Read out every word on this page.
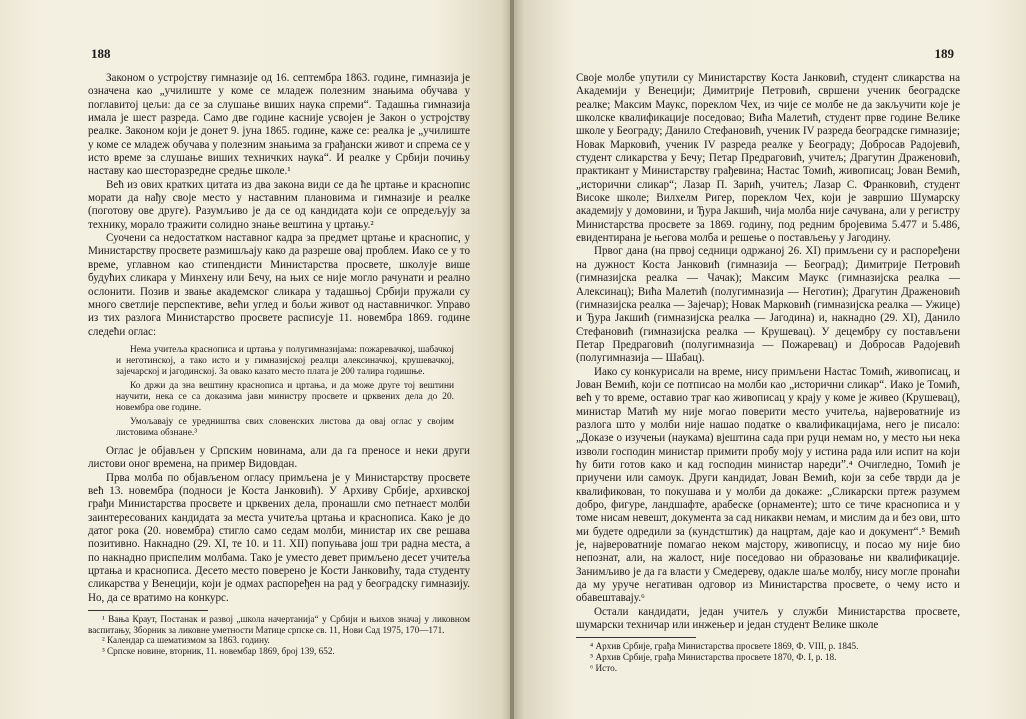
188

Законом о устројству гимназије од 16. септембра 1863. године, гимназија је означена као „училиште у коме се младеж полезним знањима обучава у поглавитој цељи: да се за слушање виших наука спреми“. Тадашња гимназија имала је шест разреда. Само две године касније усвојен је Закон о устројству реалке. Законом који је донет 9. јуна 1865. године, каже се: реалка је „училиште у коме се младеж обучава у полезним знањима за грађански живот и спрема се у исто време за слушање виших техничких наука“. И реалке у Србији почињу наставу као шесторазредне средње школе.¹

Већ из ових кратких цитата из два закона види се да ће цртање и краснопис морати да нађу своје место у наставним плановима и гимназије и реалке (поготову ове друге). Разумљиво је да се од кандидата који се опредељују за технику, морало тражити солидно знање вештина у цртању.²

Суочени са недостатком наставног кадра за предмет цртање и краснопис, у Министарству просвете размишљају како да разреше овај проблем. Иако се у то време, углавном као стипендисти Министарства просвете, школује више будућих сликара у Минхену или Бечу, на њих се није могло рачунати и реално ослонити. Позив и звање академског сликара у тадашњој Србији пружали су много светлије перспективе, већи углед и бољи живот од наставничког. Управо из тих разлога Министарство просвете расписује 11. новембра 1869. године следећи оглас:

Нема учитеља краснописа и цртања у полугимназијама: пожаревачкој, шабачкој и неготинској, а тако исто и у гимназијској реалци алексиначкој, крушевачкој, зајечарској и јагодинској. За овако казато место плата је 200 талира годишње.
Ко држи да зна вештину краснописа и цртања, и да може друге тој вештини научити, нека се са доказима јави министру просвете и црквених дела до 20. новембра ове године.
Умољавају се уредништва свих словенских листова да овај оглас у својим листовима обзнане.³

Оглас је објављен у Српским новинама, али да га преносе и неки други листови оног времена, на пример Видовдан.

Прва молба по објављеном огласу примљена је у Министарству просвете већ 13. новембра (подноси је Коста Јанковић). У Архиву Србије, архивској грађи Министарства просвете и црквених дела, пронашли смо петнаест молби заинтересованих кандидата за места учитеља цртања и краснописа. Како је до датог рока (20. новембра) стигло само седам молби, министар их све решава позитивно. Накнадно (29. XI, те 10. и 11. XII) попуњава још три радна места, а по накнадно приспелим молбама. Тако је уместо девет примљено десет учитеља цртања и краснописа. Десето место поверено је Кости Јанковићу, тада студенту сликарства у Венецији, који је одмах распоређен на рад у београдску гимназију. Но, да се вратимо на конкурс.

¹ Вања Краут, Постанак и развој „школа начертанија“ у Србији и њихов значај у ликовном васпитању, Зборник за ликовне уметности Матице српске св. 11, Нови Сад 1975, 170—171.
² Календар са шематизмом за 1863. годину.
³ Српске новине, вторник, 11. новембар 1869, број 139, 652.
189

Своје молбе упутили су Министарству Коста Јанковић, студент сликарства на Академији у Венецији; Димитрије Петровић, свршени ученик београдске реалке; Максим Маукс, пореклом Чех, из чије се молбе не да закључити које је школске квалификације поседовао; Вића Малетић, студент прве године Велике школе у Београду; Данило Стефановић, ученик IV разреда београдске гимназије; Новак Марковић, ученик IV разреда реалке у Београду; Добросав Радојевић, студент сликарства у Бечу; Петар Предраговић, учитељ; Драгутин Драженовић, практикант у Министарству грађевина; Настас Томић, живописац; Јован Вемић, „исторични сликар“; Лазар П. Зарић, учитељ; Лазар С. Франковић, студент Високе школе; Вилхелм Ригер, пореклом Чех, који је завршио Шумарску академију у домовини, и Ђура Јакшић, чија молба није сачувана, али у регистру Министарства просвете за 1869. годину, под редним бројевима 5.477 и 5.486, евидентирана је његова молба и решење о постављењу у Јагодину.

Првог дана (на првој седници одржаној 26. XI) примљени су и распоређени на дужност Коста Јанковић (гимназија — Београд); Димитрије Петровић (гимназијска реалка — Чачак); Максим Маукс (гимназијска реалка — Алексинац); Вића Малетић (полугимназија — Неготин); Драгутин Драженовић (гимназијска реалка — Зајечар); Новак Марковић (гимназијска реалка — Ужице) и Ђура Јакшић (гимназијска реалка — Јагодина) и, накнадно (29. XI), Данило Стефановић (гимназијска реалка — Крушевац). У децембру су постављени Петар Предраговић (полугимназија — Пожаревац) и Добросав Радојевић (полугимназија — Шабац).

Иако су конкурисали на време, нису примљени Настас Томић, живописац, и Јован Вемић, који се потписао на молби као „исторични сликар“. Иако је Томић, већ у то време, оставио траг као живописац у крају у коме је живео (Крушевац), министар Матић му није могао поверити место учитеља, највероватније из разлога што у молби није нашао податке о квалификацијама, него је писало: „Доказе о изучењи (наукама) вјештина сада при руци немам но, у место њи нека изволи господин министар примити пробу моју у истина рада или испит на који ћу бити готов како и кад господин министар наредиˮ.⁴ Очигледно, Томић је приучени или самоук. Други кандидат, Јован Вемић, који за себе тврди да је квалификован, то покушава и у молби да докаже: „Сликарски пртеж разумем добро, фигуре, ландшафте, арабеске (орнаменте); што се тиче краснописа и у томе нисам невешт, документа за сад никакви немам, и мислим да и без ови, што ми будете одредили за (кундстштик) да нацртам, даје као и документ“.⁵ Вемић је, највероватније помагао неком мајстору, живописцу, и посао му није био непознат, али, на жалост, није поседовао ни образовање ни квалификације. Занимљиво је да га власти у Смедереву, одакле шаље молбу, нису могле пронаћи да му уруче негативан одговор из Министарства просвете, о чему исто и обавештавају.⁶

Остали кандидати, један учитељ у служби Министарства просвете, шумарски техничар или инжењер и један студент Велике школе

⁴ Архив Србије, грађа Министарства просвете 1869, Ф. VIII, р. 1845.
⁵ Архив Србије, грађа Министарства просвете 1870, Ф. I, р. 18.
⁶ Исто.
